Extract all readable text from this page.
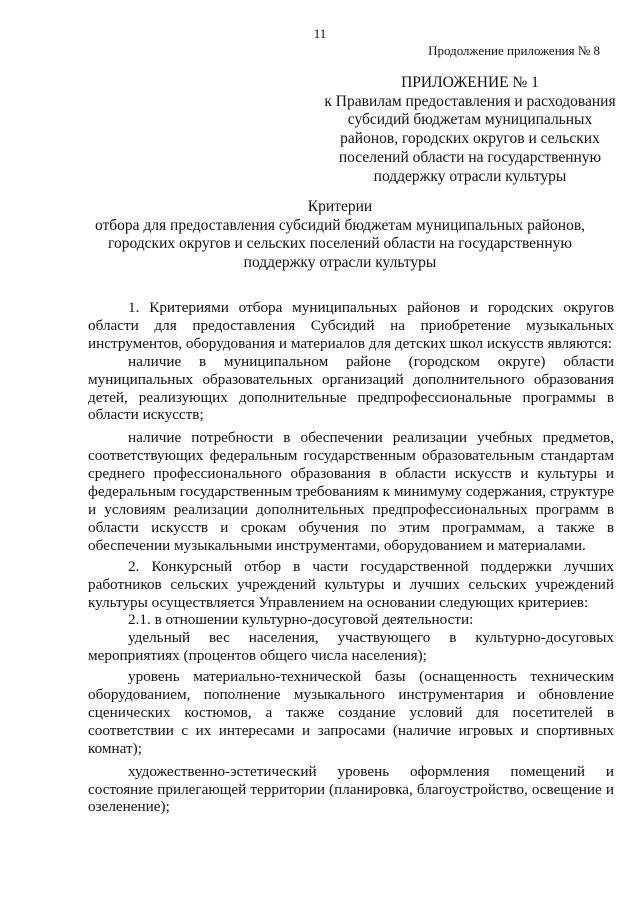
11
Продолжение приложения № 8
ПРИЛОЖЕНИЕ № 1
к Правилам предоставления и расходования
субсидий бюджетам муниципальных
районов, городских округов и сельских
поселений области на государственную
поддержку отрасли культуры
Критерии
отбора для предоставления субсидий бюджетам муниципальных районов,
городских округов и сельских поселений области на государственную
поддержку отрасли культуры

1. Критериями отбора муниципальных районов и городских округов области для предоставления Субсидий на приобретение музыкальных инструментов, оборудования и материалов для детских школ искусств являются:

наличие в муниципальном районе (городском округе) области муниципальных образовательных организаций дополнительного образования детей, реализующих дополнительные предпрофессиональные программы в области искусств;

наличие потребности в обеспечении реализации учебных предметов, соответствующих федеральным государственным образовательным стандартам среднего профессионального образования в области искусств и культуры и федеральным государственным требованиям к минимуму содержания, структуре и условиям реализации дополнительных предпрофессиональных программ в области искусств и срокам обучения по этим программам, а также в обеспечении музыкальными инструментами, оборудованием и материалами.

2. Конкурсный отбор в части государственной поддержки лучших работников сельских учреждений культуры и лучших сельских учреждений культуры осуществляется Управлением на основании следующих критериев:

2.1. в отношении культурно-досуговой деятельности:

удельный вес населения, участвующего в культурно-досуговых мероприятиях (процентов общего числа населения);

уровень материально-технической базы (оснащенность техническим оборудованием, пополнение музыкального инструментария и обновление сценических костюмов, а также создание условий для посетителей в соответствии с их интересами и запросами (наличие игровых и спортивных комнат);

художественно-эстетический уровень оформления помещений и состояние прилегающей территории (планировка, благоустройство, освещение и озеленение);
